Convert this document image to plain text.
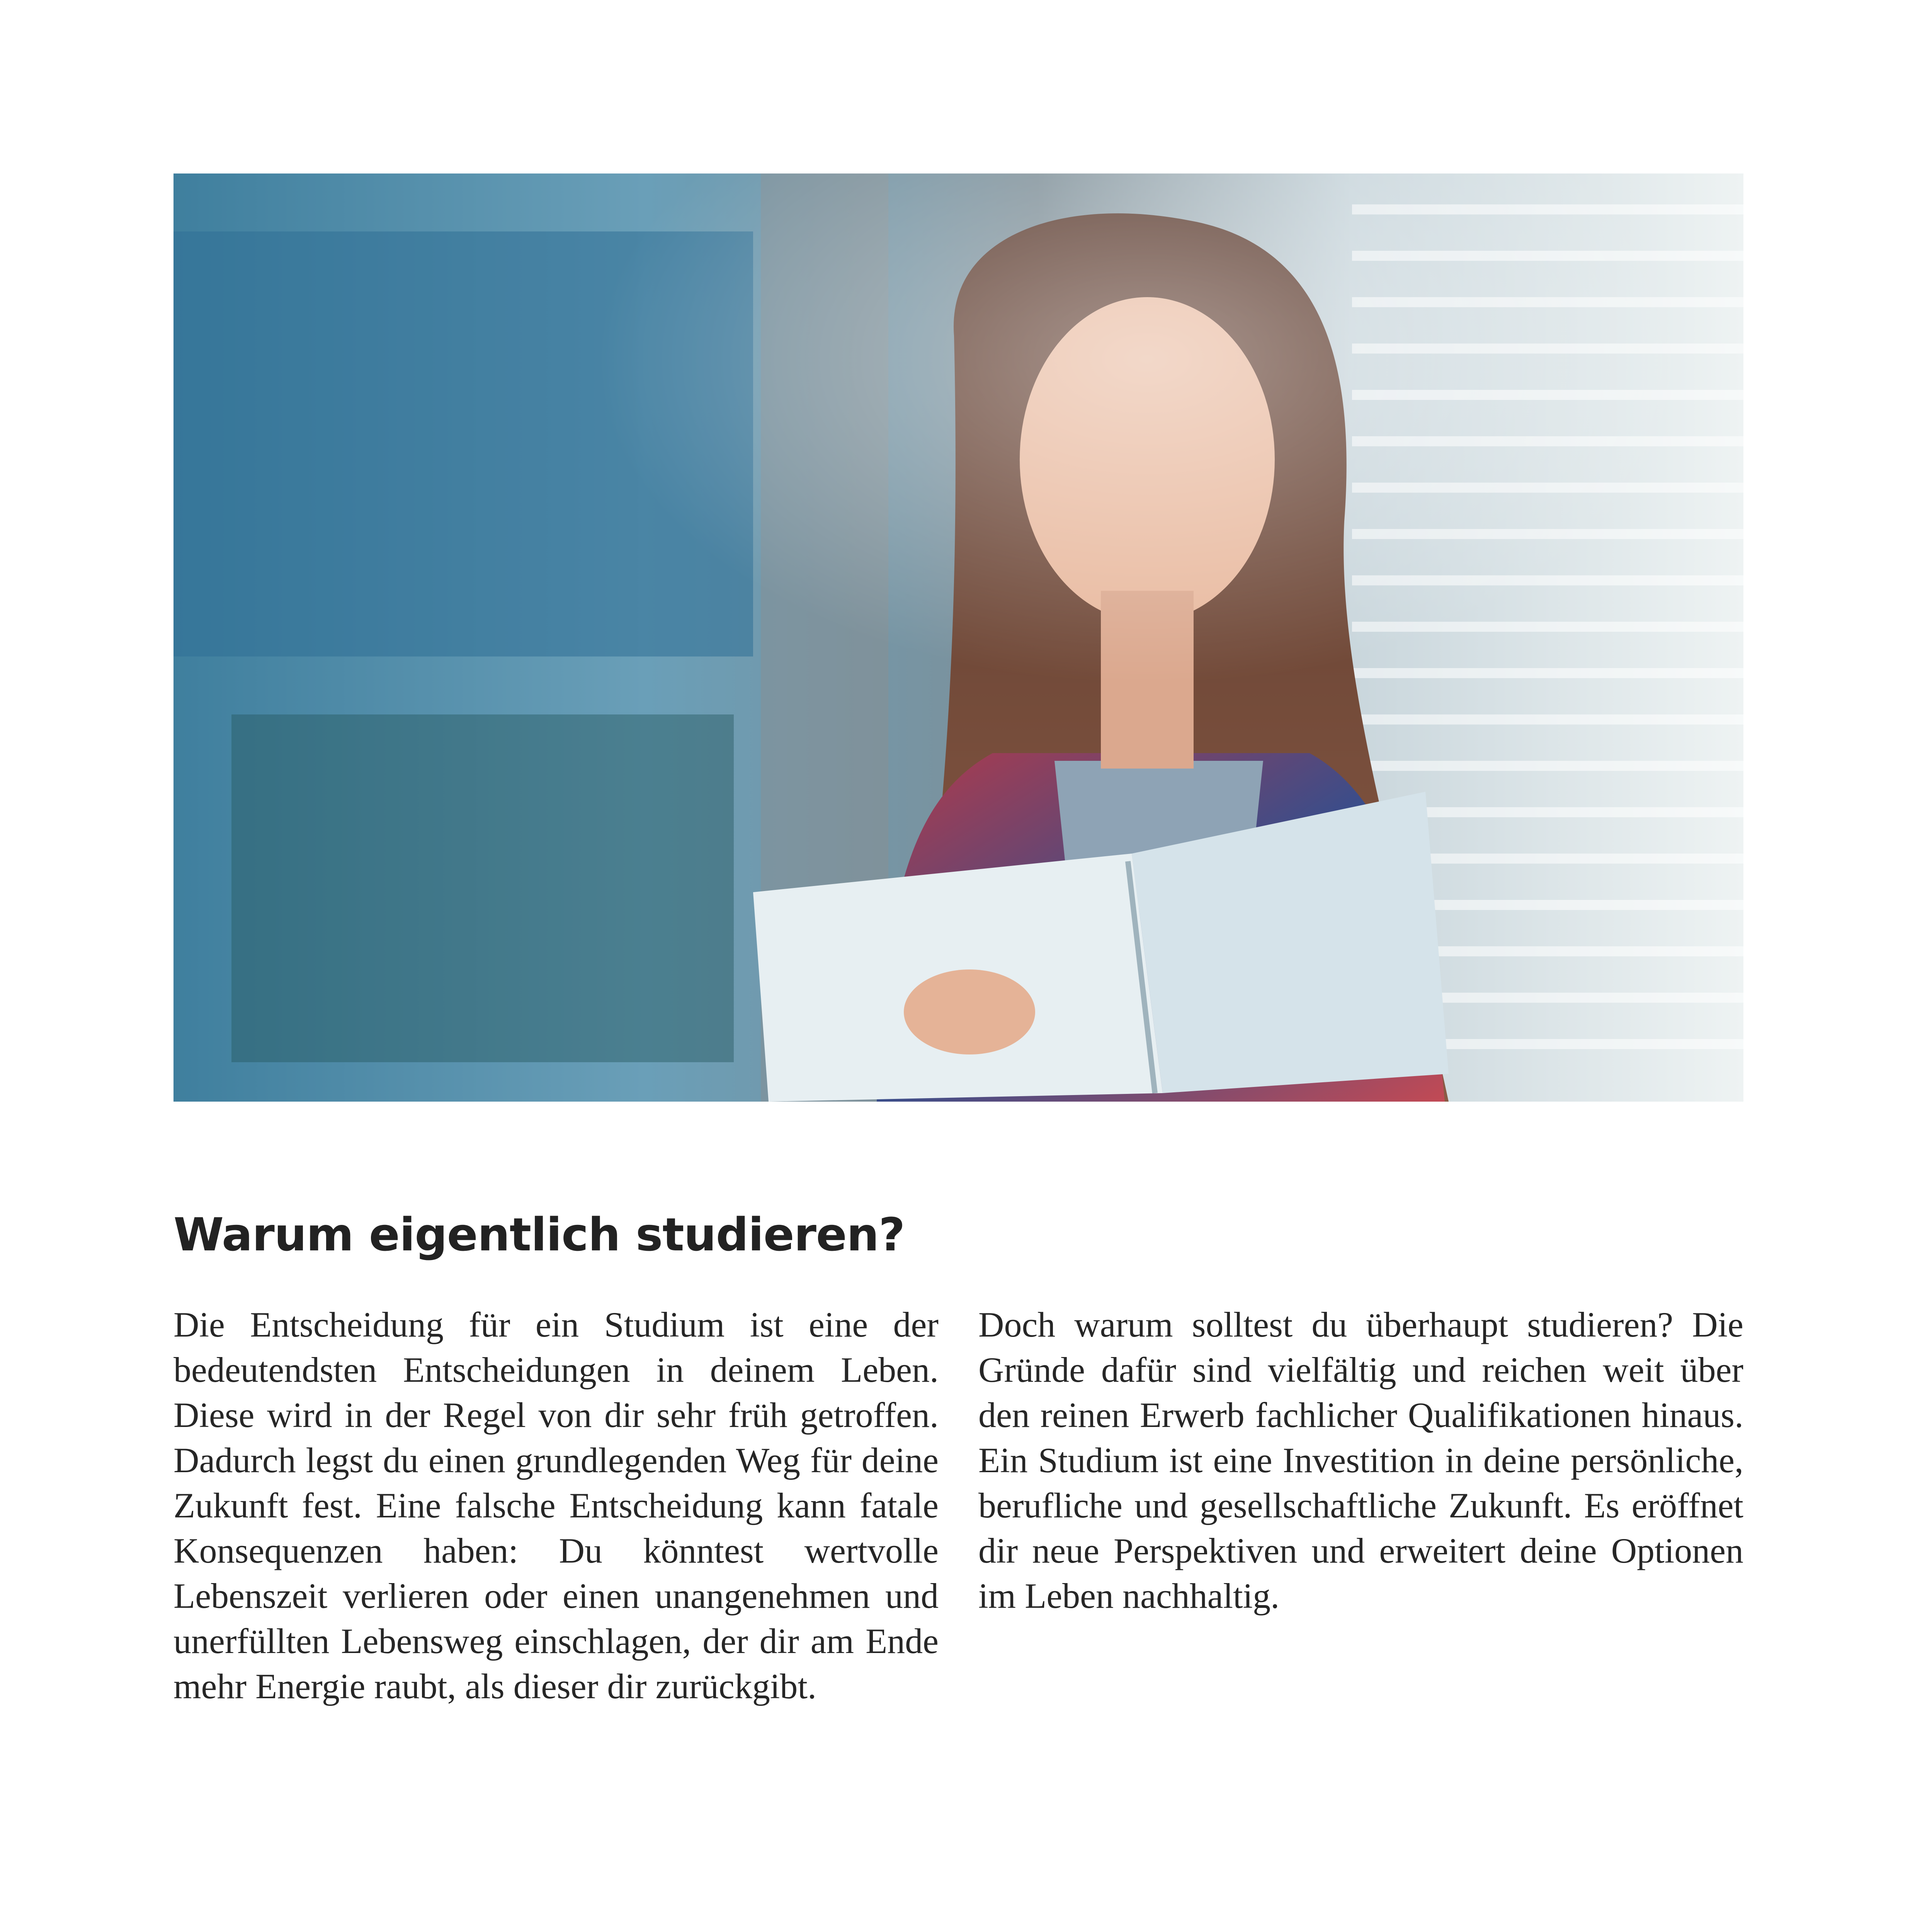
Warum eigentlich studieren?

Die Entscheidung für ein Studium ist eine der bedeutendsten Entscheidungen in deinem Leben. Diese wird in der Regel von dir sehr früh getroffen. Dadurch legst du einen grundlegenden Weg für deine Zukunft fest. Eine falsche Entscheidung kann fatale Konsequenzen haben: Du könntest wertvolle Lebenszeit verlieren oder einen unangenehmen und unerfüllten Lebensweg einschlagen, der dir am Ende mehr Energie raubt, als dieser dir zurückgibt.

Doch warum solltest du überhaupt studieren? Die Gründe dafür sind vielfältig und reichen weit über den reinen Erwerb fachlicher Qualifikationen hinaus. Ein Studium ist eine Investition in deine persönliche, berufliche und gesellschaftliche Zukunft. Es eröffnet dir neue Perspektiven und erweitert deine Optionen im Leben nachhaltig.
